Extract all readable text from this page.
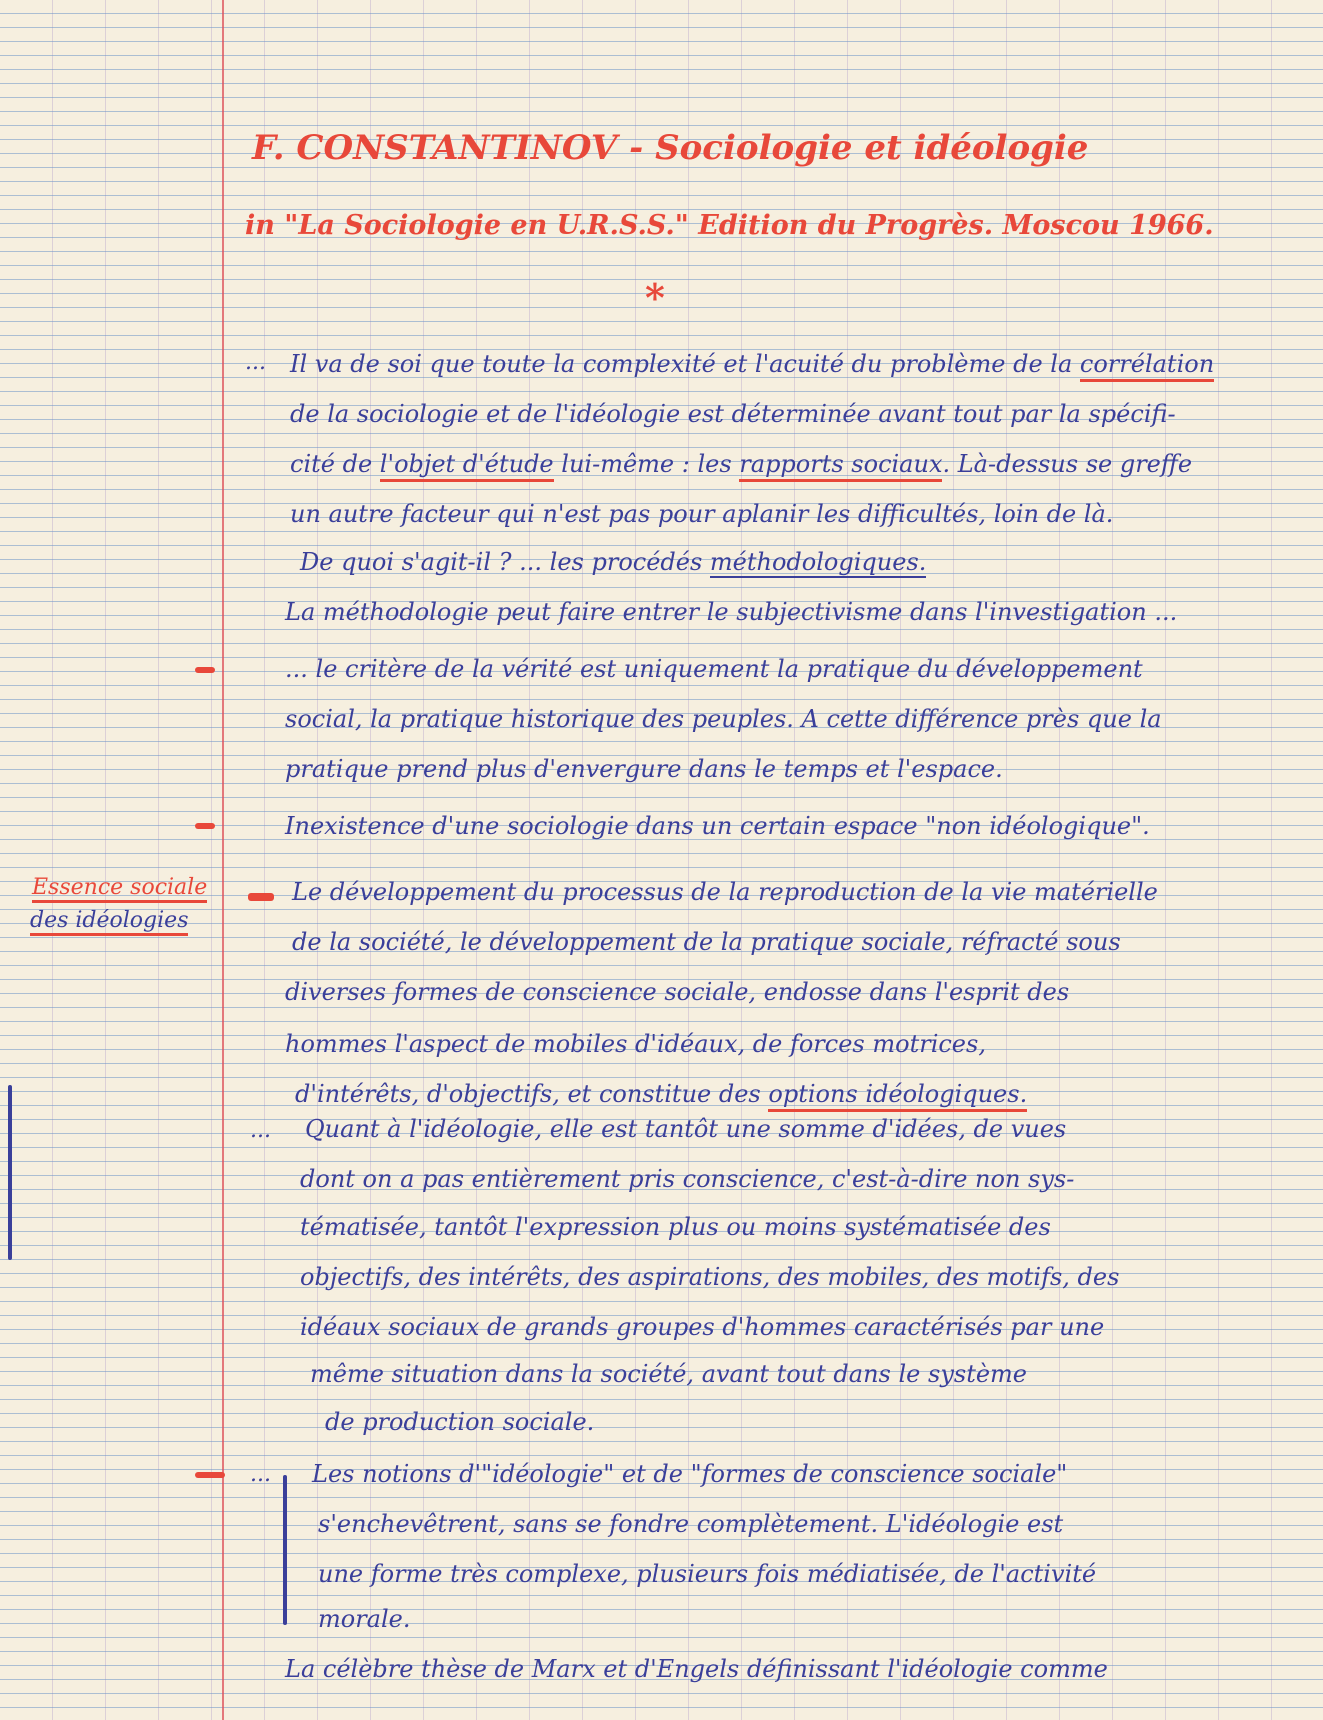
F. CONSTANTINOV - Sociologie et idéologie
in "La Sociologie en U.R.S.S." Edition du Progrès. Moscou 1966.
*
... Il va de soi que toute la complexité et l'acuité du problème de la corrélation
de la sociologie et de l'idéologie est déterminée avant tout par la spécifi-
cité de l'objet d'étude lui-même : les rapports sociaux. Là-dessus se greffe
un autre facteur qui n'est pas pour aplanir les difficultés, loin de là.
De quoi s'agit-il ? ... les procédés méthodologiques.
La méthodologie peut faire entrer le subjectivisme dans l'investigation ...
... le critère de la vérité est uniquement la pratique du développement
social, la pratique historique des peuples. A cette différence près que la
pratique prend plus d'envergure dans le temps et l'espace.
Inexistence d'une sociologie dans un certain espace "non idéologique".
Essence sociale
des idéologies
Le développement du processus de la reproduction de la vie matérielle
de la société, le développement de la pratique sociale, réfracté sous
diverses formes de conscience sociale, endosse dans l'esprit des
hommes l'aspect de mobiles d'idéaux, de forces motrices,
d'intérêts, d'objectifs, et constitue des options idéologiques.
... Quant à l'idéologie, elle est tantôt une somme d'idées, de vues
dont on a pas entièrement pris conscience, c'est-à-dire non sys-
tématisée, tantôt l'expression plus ou moins systématisée des
objectifs, des intérêts, des aspirations, des mobiles, des motifs, des
idéaux sociaux de grands groupes d'hommes caractérisés par une
même situation dans la société, avant tout dans le système
de production sociale.
... Les notions d'"idéologie" et de "formes de conscience sociale"
s'enchevêtrent, sans se fondre complètement. L'idéologie est
une forme très complexe, plusieurs fois médiatisée, de l'activité
morale.
La célèbre thèse de Marx et d'Engels définissant l'idéologie comme
